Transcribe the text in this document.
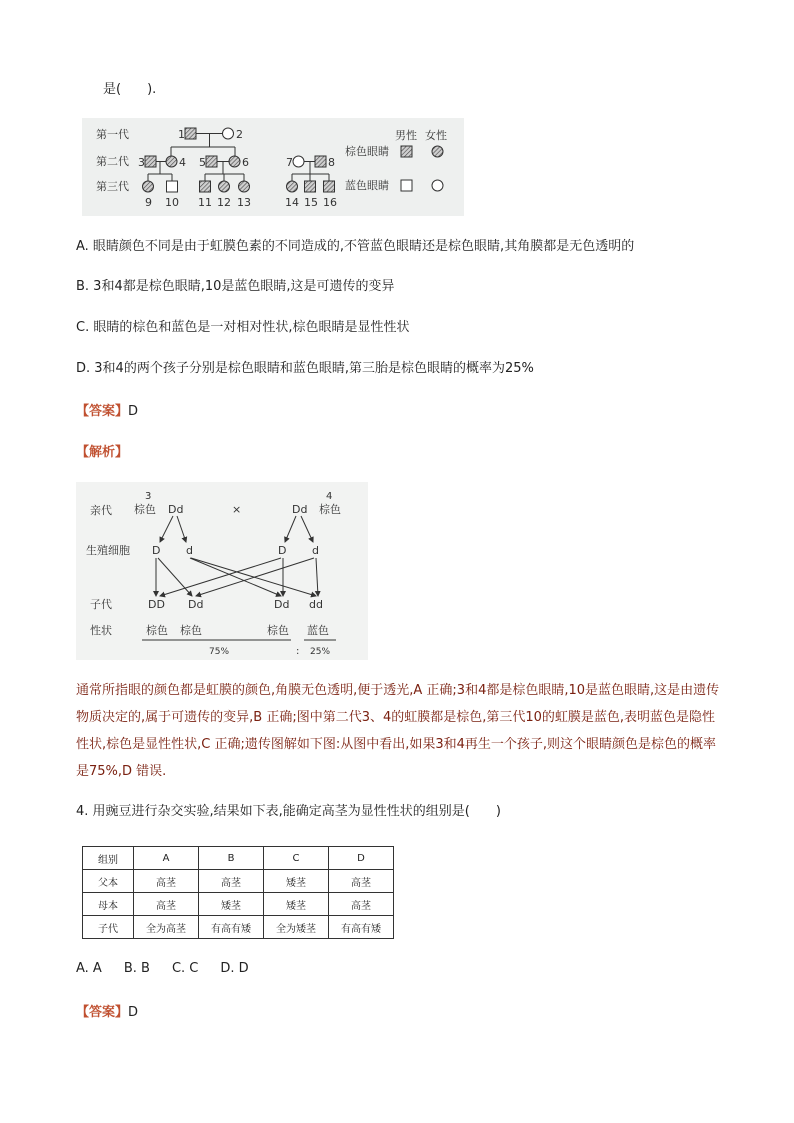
是(　　).
第一代
第二代
第三代
1	2
3	4 5	6	7	8
9 10 11 12 13	14 15 16
男性 女性
棕色眼睛
蓝色眼睛
A. 眼睛颜色不同是由于虹膜色素的不同造成的,不管蓝色眼睛还是棕色眼睛,其角膜都是无色透明的
B. 3和4都是棕色眼睛,10是蓝色眼睛,这是可遗传的变异
C. 眼睛的棕色和蓝色是一对相对性状,棕色眼睛是显性性状
D. 3和4的两个孩子分别是棕色眼睛和蓝色眼睛,第三胎是棕色眼睛的概率为25%
【答案】D
【解析】
亲代
生殖细胞
子代
性状
3
棕色 Dd	×	Dd
4
棕色
D d	D d
DD Dd	Dd dd
棕色 棕色	棕色 蓝色
75%	: 25%
通常所指眼的颜色都是虹膜的颜色,角膜无色透明,便于透光,A 正确;3和4都是棕色眼睛,10是蓝色眼睛,这是由遗传物质决定的,属于可遗传的变异,B 正确;图中第二代3、4的虹膜都是棕色,第三代10的虹膜是蓝色,表明蓝色是隐性性状,棕色是显性性状,C 正确;遗传图解如下图:从图中看出,如果3和4再生一个孩子,则这个眼睛颜色是棕色的概率是75%,D 错误.
4. 用豌豆进行杂交实验,结果如下表,能确定高茎为显性性状的组别是(　　)
组别	A	B	C	D
父本	高茎	高茎	矮茎	高茎
母本	高茎	矮茎	矮茎	高茎
子代	全为高茎	有高有矮	全为矮茎	有高有矮
A. A B. B C. C D. D
【答案】D
